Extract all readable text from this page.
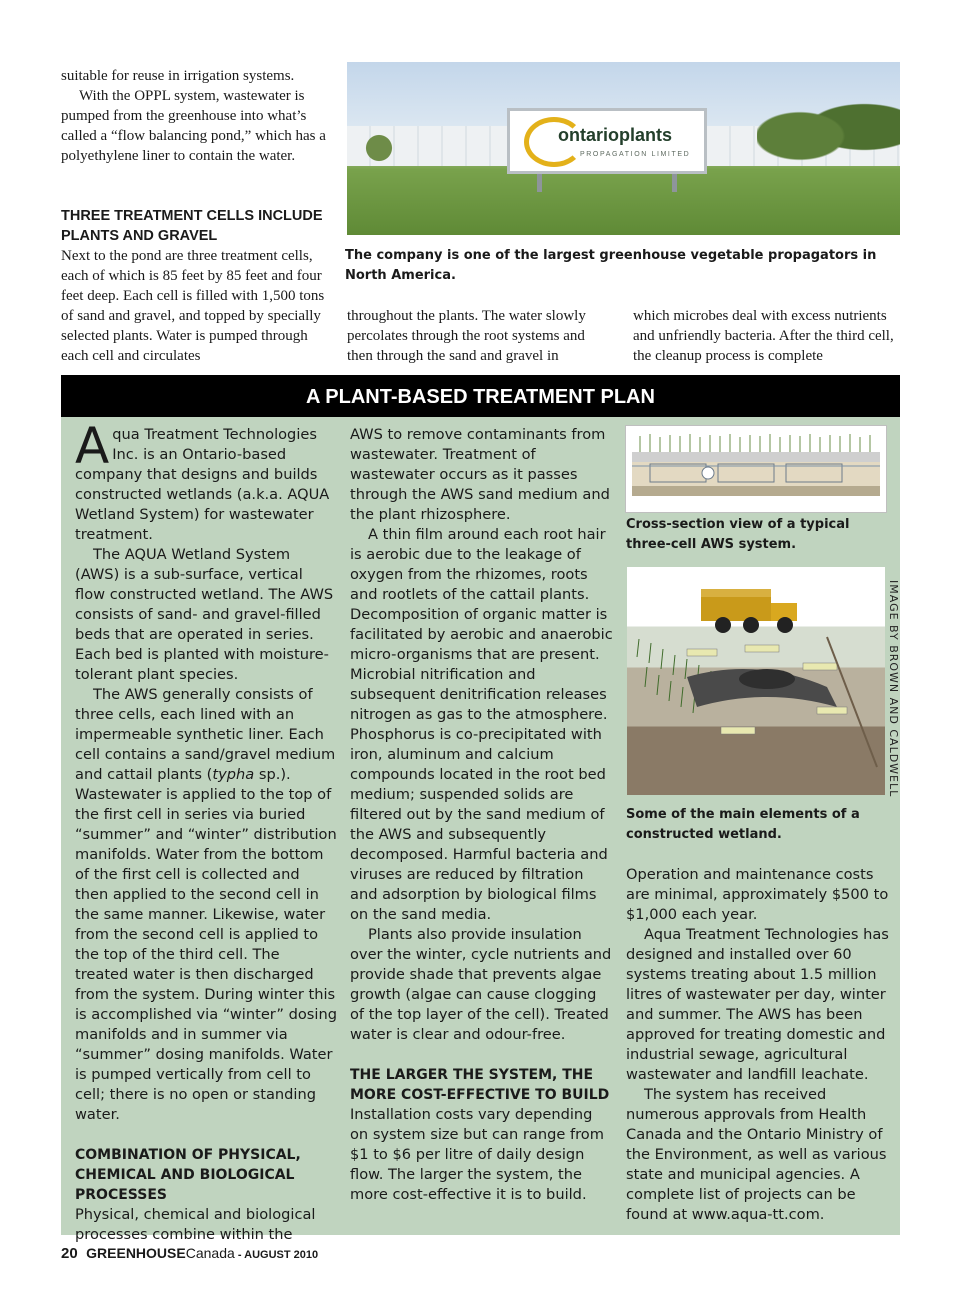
suitable for reuse in irrigation systems.

With the OPPL system, wastewater is pumped from the greenhouse into what’s called a “flow balancing pond,” which has a polyethylene liner to contain the water.

THREE TREATMENT CELLS INCLUDE PLANTS AND GRAVEL

Next to the pond are three treatment cells, each of which is 85 feet by 85 feet and four feet deep. Each cell is filled with 1,500 tons of sand and gravel, and topped by specially selected plants. Water is pumped through each cell and circulates

ontarioplants
PROPAGATION LIMITED

The company is one of the largest greenhouse vegetable propagators in North America.

throughout the plants. The water slowly percolates through the root systems and then through the sand and gravel in

which microbes deal with excess nutrients and unfriendly bacteria. After the third cell, the cleanup process is complete

A PLANT-BASED TREATMENT PLAN

Aqua Treatment Technologies Inc. is an Ontario-based company that designs and builds constructed wetlands (a.k.a. AQUA Wetland System) for wastewater treatment.

The AQUA Wetland System (AWS) is a sub-surface, vertical flow constructed wetland. The AWS consists of sand- and gravel-filled beds that are operated in series. Each bed is planted with moisture-tolerant plant species.

The AWS generally consists of three cells, each lined with an impermeable synthetic liner. Each cell contains a sand/gravel medium and cattail plants (typha sp.). Wastewater is applied to the top of the first cell in series via buried “summer” and “winter” distribution manifolds. Water from the bottom of the first cell is collected and then applied to the second cell in the same manner. Likewise, water from the second cell is applied to the top of the third cell. The treated water is then discharged from the system. During winter this is accomplished via “winter” dosing manifolds and in summer via “summer” dosing manifolds. Water is pumped vertically from cell to cell; there is no open or standing water.

COMBINATION OF PHYSICAL, CHEMICAL AND BIOLOGICAL PROCESSES

Physical, chemical and biological processes combine within the

AWS to remove contaminants from wastewater. Treatment of wastewater occurs as it passes through the AWS sand medium and the plant rhizosphere.

A thin film around each root hair is aerobic due to the leakage of oxygen from the rhizomes, roots and rootlets of the cattail plants. Decomposition of organic matter is facilitated by aerobic and anaerobic micro-organisms that are present. Microbial nitrification and subsequent denitrification releases nitrogen as gas to the atmosphere. Phosphorus is co-precipitated with iron, aluminum and calcium compounds located in the root bed medium; suspended solids are filtered out by the sand medium of the AWS and subsequently decomposed. Harmful bacteria and viruses are reduced by filtration and adsorption by biological films on the sand media.

Plants also provide insulation over the winter, cycle nutrients and provide shade that prevents algae growth (algae can cause clogging of the top layer of the cell). Treated water is clear and odour-free.

THE LARGER THE SYSTEM, THE MORE COST-EFFECTIVE TO BUILD

Installation costs vary depending on system size but can range from $1 to $6 per litre of daily design flow. The larger the system, the more cost-effective it is to build.

Cross-section view of a typical three-cell AWS system.

Some of the main elements of a constructed wetland.

Operation and maintenance costs are minimal, approximately $500 to $1,000 each year.

Aqua Treatment Technologies has designed and installed over 60 systems treating about 1.5 million litres of wastewater per day, winter and summer. The AWS has been approved for treating domestic and industrial sewage, agricultural wastewater and landfill leachate.

The system has received numerous approvals from Health Canada and the Ontario Ministry of the Environment, as well as various state and municipal agencies. A complete list of projects can be found at www.aqua-tt.com.

IMAGE BY BROWN AND CALDWELL
20 GREENHOUSECanada - AUGUST 2010
